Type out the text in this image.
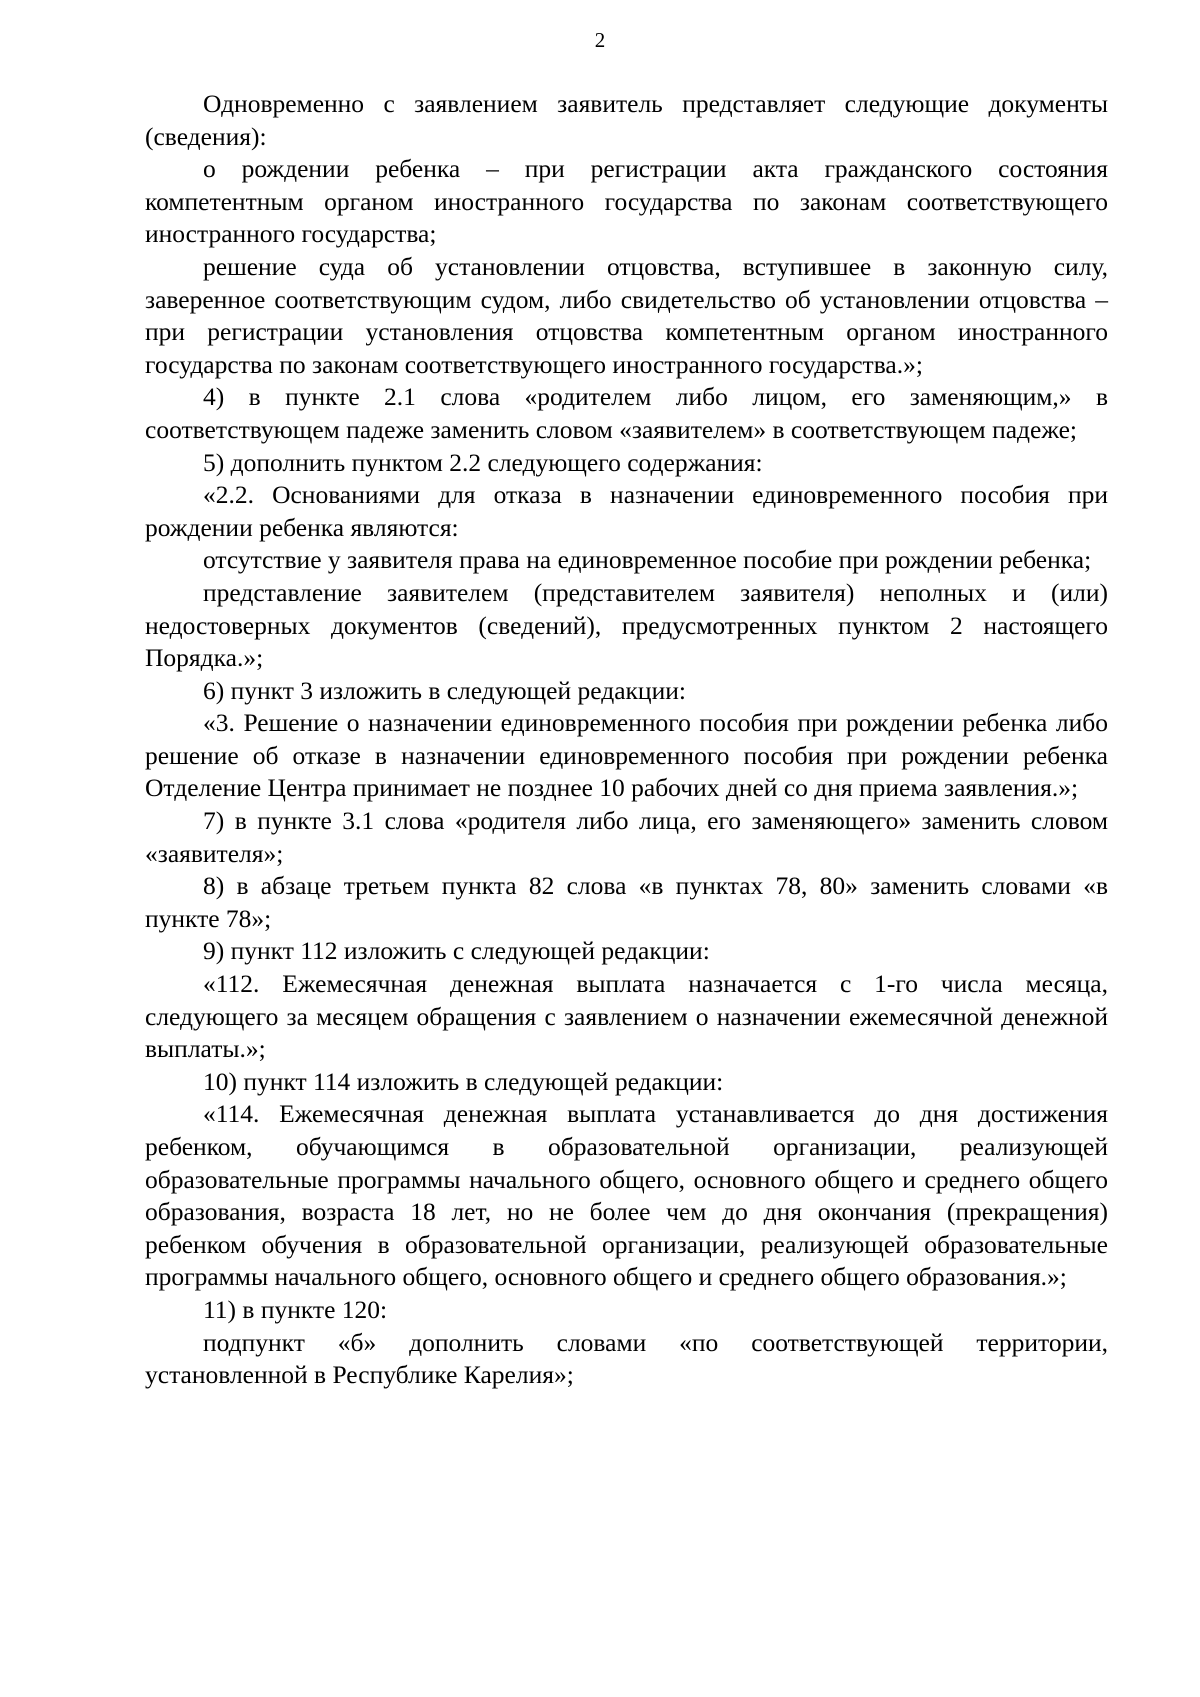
2

Одновременно с заявлением заявитель представляет следующие документы (сведения):

о рождении ребенка – при регистрации акта гражданского состояния компетентным органом иностранного государства по законам соответствующего иностранного государства;

решение суда об установлении отцовства, вступившее в законную силу, заверенное соответствующим судом, либо свидетельство об установлении отцовства – при регистрации установления отцовства компетентным органом иностранного государства по законам соответствующего иностранного государства.»;

4) в пункте 2.1 слова «родителем либо лицом, его заменяющим,» в соответствующем падеже заменить словом «заявителем» в соответствующем падеже;

5) дополнить пунктом 2.2 следующего содержания:

«2.2. Основаниями для отказа в назначении единовременного пособия при рождении ребенка являются:

отсутствие у заявителя права на единовременное пособие при рождении ребенка;

представление заявителем (представителем заявителя) неполных и (или) недостоверных документов (сведений), предусмотренных пунктом 2 настоящего Порядка.»;

6) пункт 3 изложить в следующей редакции:

«3. Решение о назначении единовременного пособия при рождении ребенка либо решение об отказе в назначении единовременного пособия при рождении ребенка Отделение Центра принимает не позднее 10 рабочих дней со дня приема заявления.»;

7) в пункте 3.1 слова «родителя либо лица, его заменяющего» заменить словом «заявителя»;

8) в абзаце третьем пункта 82 слова «в пунктах 78, 80» заменить словами «в пункте 78»;

9) пункт 112 изложить с следующей редакции:

«112. Ежемесячная денежная выплата назначается с 1-го числа месяца, следующего за месяцем обращения с заявлением о назначении ежемесячной денежной выплаты.»;

10) пункт 114 изложить в следующей редакции:

«114. Ежемесячная денежная выплата устанавливается до дня достижения ребенком, обучающимся в образовательной организации, реализующей образовательные программы начального общего, основного общего и среднего общего образования, возраста 18 лет, но не более чем до дня окончания (прекращения) ребенком обучения в образовательной организации, реализующей образовательные программы начального общего, основного общего и среднего общего образования.»;

11) в пункте 120:

подпункт «б» дополнить словами «по соответствующей территории, установленной в Республике Карелия»;
